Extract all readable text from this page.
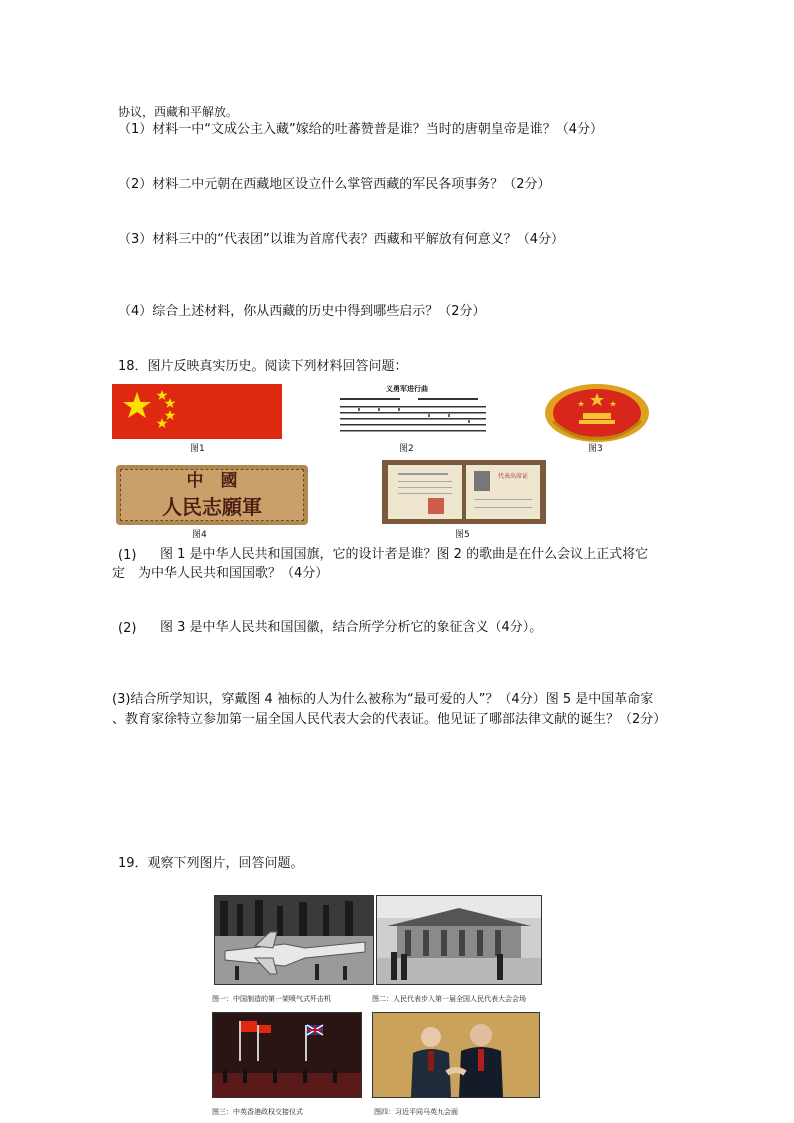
协议，西藏和平解放。
（1）材料一中“文成公主入藏”嫁给的吐蕃赞普是谁？当时的唐朝皇帝是谁？（4分）
（2）材料二中元朝在西藏地区设立什么掌管西藏的军民各项事务？（2分）
（3）材料三中的“代表团”以谁为首席代表？西藏和平解放有何意义？（4分）
（4）综合上述材料，你从西藏的历史中得到哪些启示？（2分）
18．图片反映真实历史。阅读下列材料回答问题：
图1
义勇军进行曲
图2	图3
中　國
人民志願軍
图4
代表出席证
图5
(1) 图 1 是中华人民共和国国旗，它的设计者是谁？图 2 的歌曲是在什么会议上正式将它
定　为中华人民共和国国歌？（4分）
(2) 图 3 是中华人民共和国国徽，结合所学分析它的象征含义（4分）。
(3)结合所学知识，穿戴图 4 袖标的人为什么被称为“最可爱的人”？（4分）图 5 是中国革命家
、教育家徐特立参加第一届全国人民代表大会的代表证。他见证了哪部法律文献的诞生？（2分）
19．观察下列图片，回答问题。
图一：中国制造的第一架喷气式歼击机	图二：人民代表步入第一届全国人民代表大会会场
图三：中英香港政权交接仪式	图四：习近平同马英九会面
